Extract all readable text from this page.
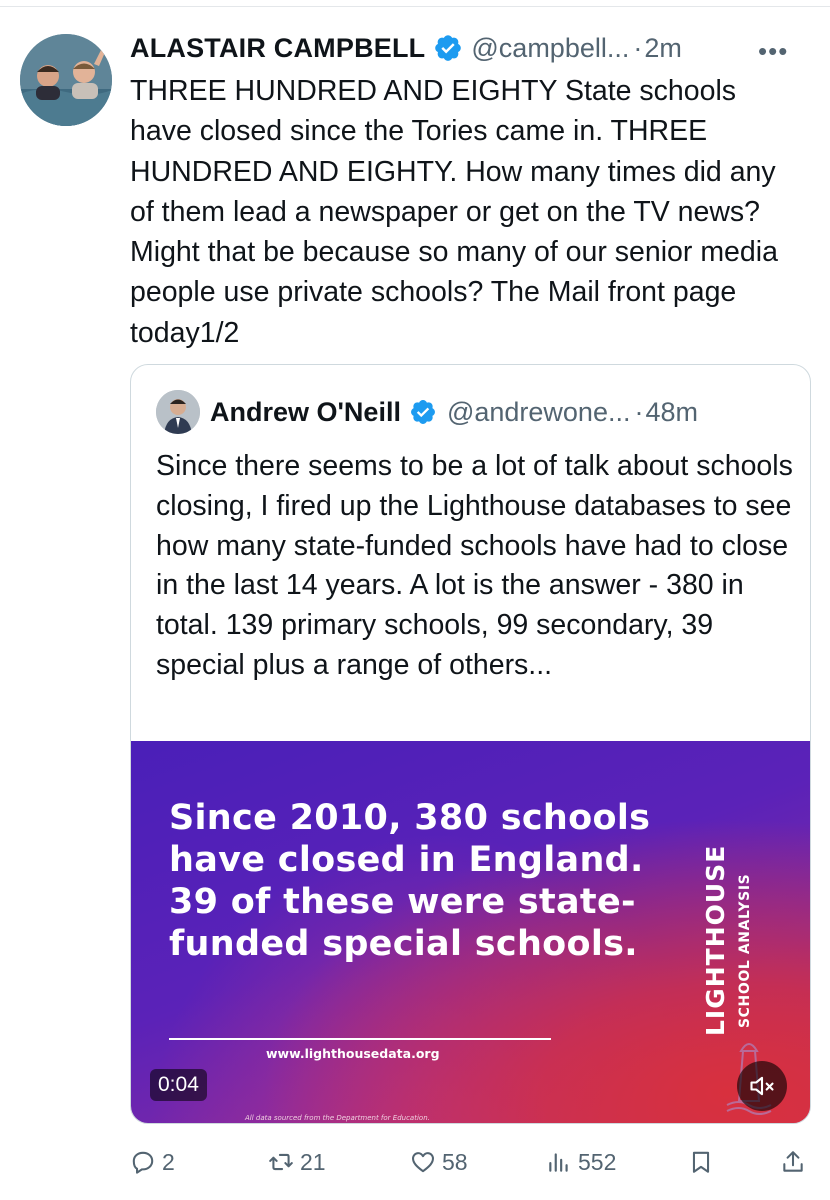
ALASTAIR CAMPBELL @campbell... · 2m	•••

THREE HUNDRED AND EIGHTY State schools have closed since the Tories came in. THREE HUNDRED AND EIGHTY. How many times did any of them lead a newspaper or get on the TV news? Might that be because so many of our senior media people use private schools? The Mail front page today1/2

Andrew O'Neill @andrewone... · 48m

Since there seems to be a lot of talk about schools closing, I fired up the Lighthouse databases to see how many state-funded schools have had to close in the last 14 years. A lot is the answer - 380 in total. 139 primary schools, 99 secondary, 39 special plus a range of others...

Since 2010, 380 schools have closed in England. 39 of these were state-funded special schools.	LIGHTHOUSE SCHOOL ANALYSIS
www.lighthousedata.org
All data sourced from the Department for Education.
0:04
2	21	58	552
